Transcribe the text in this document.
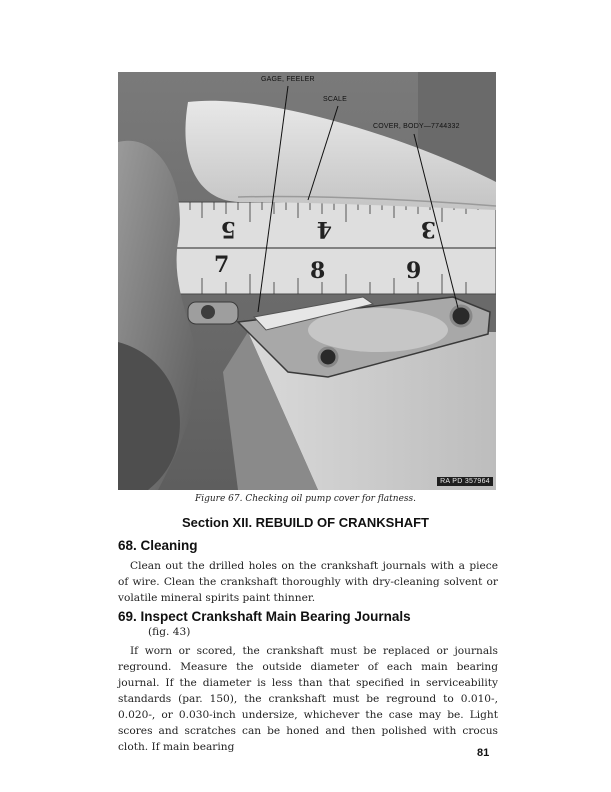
5	4	3
7	8	9
GAGE, FEELER
SCALE
COVER, BODY—7744332
RA PD 357964
Figure 67. Checking oil pump cover for flatness.
Section XII. REBUILD OF CRANKSHAFT
68. Cleaning

Clean out the drilled holes on the crankshaft journals with a piece of wire. Clean the crankshaft thoroughly with dry-cleaning solvent or volatile mineral spirits paint thinner.

69. Inspect Crankshaft Main Bearing Journals
(fig. 43)

If worn or scored, the crankshaft must be replaced or journals reground. Measure the outside diameter of each main bearing journal. If the diameter is less than that specified in serviceability standards (par. 150), the crankshaft must be reground to 0.010-, 0.020-, or 0.030-inch undersize, whichever the case may be. Light scores and scratches can be honed and then polished with crocus cloth. If main bearing	81
